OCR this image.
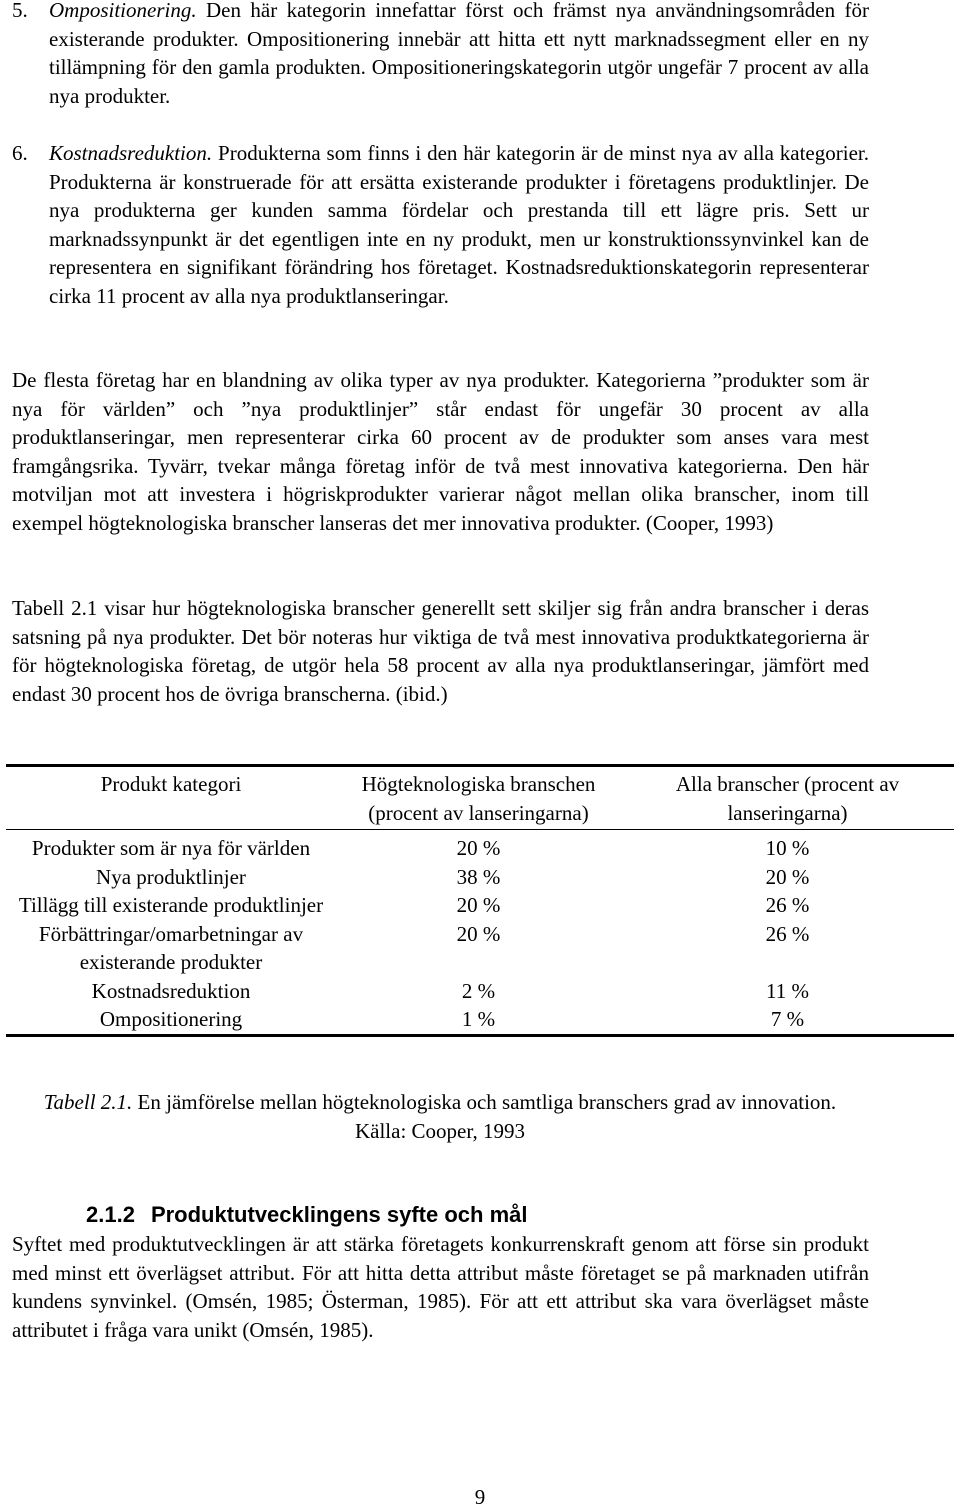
5.	Ompositionering. Den här kategorin innefattar först och främst nya användningsområden för existerande produkter. Ompositionering innebär att hitta ett nytt marknadssegment eller en ny tillämpning för den gamla produkten. Ompositioneringskategorin utgör ungefär 7 procent av alla nya produkter.
6.	Kostnadsreduktion. Produkterna som finns i den här kategorin är de minst nya av alla kategorier. Produkterna är konstruerade för att ersätta existerande produkter i företagens produktlinjer. De nya produkterna ger kunden samma fördelar och prestanda till ett lägre pris. Sett ur marknadssynpunkt är det egentligen inte en ny produkt, men ur konstruktionssynvinkel kan de representera en signifikant förändring hos företaget. Kostnadsreduktionskategorin representerar cirka 11 procent av alla nya produktlanseringar.

De flesta företag har en blandning av olika typer av nya produkter. Kategorierna ”produkter som är nya för världen” och ”nya produktlinjer” står endast för ungefär 30 procent av alla produktlanseringar, men representerar cirka 60 procent av de produkter som anses vara mest framgångsrika. Tyvärr, tvekar många företag inför de två mest innovativa kategorierna. Den här motviljan mot att investera i högriskprodukter varierar något mellan olika branscher, inom till exempel högteknologiska branscher lanseras det mer innovativa produkter. (Cooper, 1993)

Tabell 2.1 visar hur högteknologiska branscher generellt sett skiljer sig från andra branscher i deras satsning på nya produkter. Det bör noteras hur viktiga de två mest innovativa produktkategorierna är för högteknologiska företag, de utgör hela 58 procent av alla nya produktlanseringar, jämfört med endast 30 procent hos de övriga branscherna. (ibid.)

Produkt kategori	Högteknologiska branschen (procent av lanseringarna)	Alla branscher (procent av lanseringarna)
Produkter som är nya för världen	20 %	10 %
Nya produktlinjer	38 %	20 %
Tillägg till existerande produktlinjer	20 %	26 %
Förbättringar/omarbetningar av existerande produkter	20 %	26 %
Kostnadsreduktion	2 %	11 %
Ompositionering	1 %	7 %

Tabell 2.1. En jämförelse mellan högteknologiska och samtliga branschers grad av innovation. Källa: Cooper, 1993

2.1.2 Produktutvecklingens syfte och mål

Syftet med produktutvecklingen är att stärka företagets konkurrenskraft genom att förse sin produkt med minst ett överlägset attribut. För att hitta detta attribut måste företaget se på marknaden utifrån kundens synvinkel. (Omsén, 1985; Österman, 1985). För att ett attribut ska vara överlägset måste attributet i fråga vara unikt (Omsén, 1985).

9
